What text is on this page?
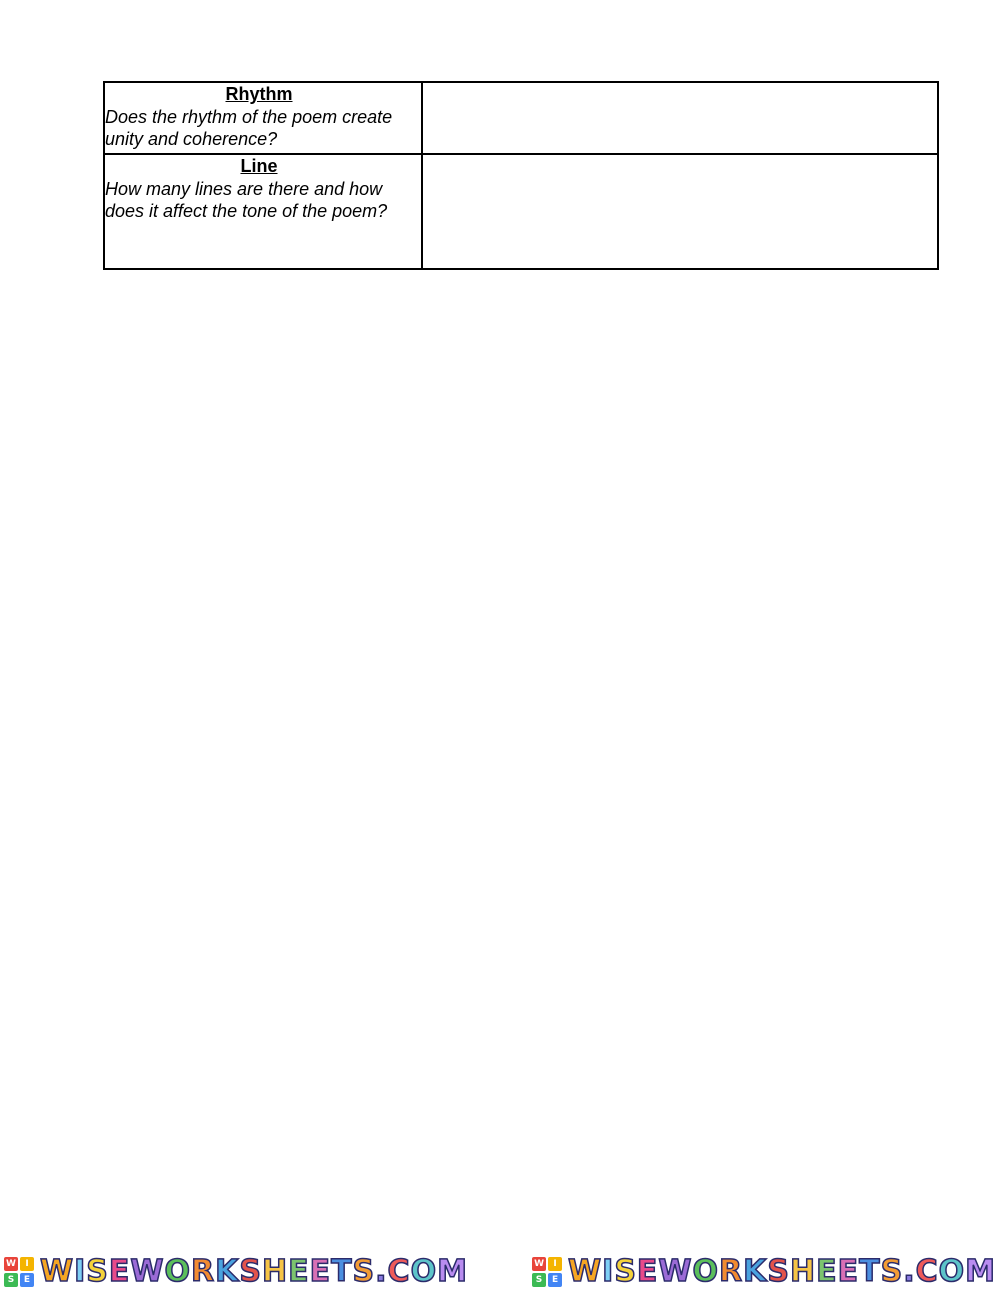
Rhythm
Does the rhythm of the poem create unity and coherence?	

Line
How many lines are there and how does it affect the tone of the poem?	

W	I
S	E WISEWORKSHEETS.COM	W	I
S	E WISEWORKSHEETS.COM
